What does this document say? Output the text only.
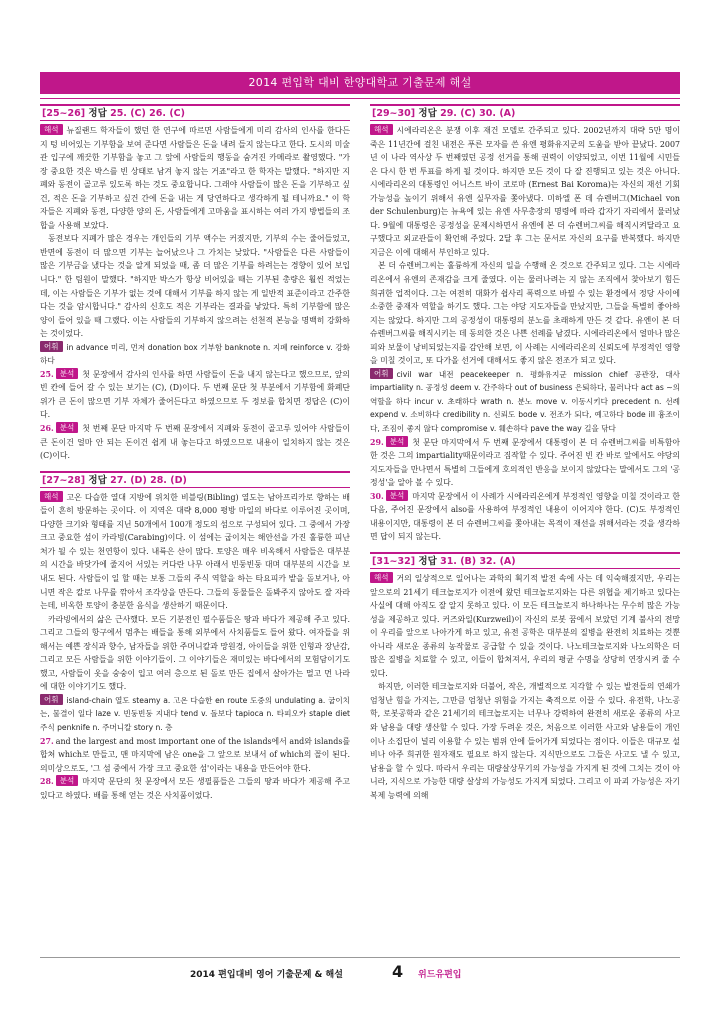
2014 편입학 대비 한양대학교 기출문제 해설
[25~26] 정답 25. (C) 26. (C)

해석 뉴질랜드 학자들이 했던 한 연구에 따르면 사람들에게 미리 감사의 인사를 한다든지 텅 비어있는 기부함을 보여 준다면 사람들은 돈을 내려 들지 않는다고 한다. 도시의 미술관 입구에 깨끗한 기부함을 놓고 그 앞에 사람들의 행동을 숨겨진 카메라로 촬영했다. "가장 중요한 것은 박스를 빈 상태로 남겨 놓지 않는 거죠"라고 한 학자는 말했다. "하지만 지폐와 동전이 골고루 있도록 하는 것도 중요합니다. 그래야 사람들이 많은 돈을 기부하고 싶건, 적은 돈을 기부하고 싶건 간에 돈을 내는 게 당연하다고 생각하게 될 테니까요." 이 학자들은 지폐와 동전, 다양한 양의 돈, 사람들에게 고마움을 표시하는 여러 가지 방법들의 조합을 사용해 보았다.

동전보다 지폐가 많은 경우는 개인들의 기부 액수는 커졌지만, 기부의 수는 줄어들었고, 반면에 동전이 더 많으면 기부는 늘어났으나 그 가치는 낮았다. "사람들은 다른 사람들이 많은 기부금을 냈다는 것을 알게 되었을 때, 좀 더 많은 기부를 하려는는 경향이 있어 보입니다." 한 팀원이 말했다. "하지만 박스가 항상 비어있을 때는 기부된 총량은 훨씬 적었는데, 이는 사람들은 기부가 없는 것에 대해서 기부를 하지 않는 게 일반적 표준이라고 간주한다는 것을 암시합니다." 감사의 신호도 적은 기부라는 결과를 낳았다. 특히 기부함에 많은 양이 들어 있을 때 그랬다. 이는 사람들의 기부하지 않으려는 선천적 본능을 명백히 강화하는 것이었다.

어휘 in advance 미리, 먼저 donation box 기부함 banknote n. 지폐 reinforce v. 강화하다

25. 분석 첫 문장에서 감사의 인사를 하면 사람들이 돈을 내지 않는다고 했으므로, 앞의 빈 칸에 들어 갈 수 있는 보기는 (C), (D)이다. 두 번째 문단 첫 부분에서 기부함에 화폐단위가 큰 돈이 많으면 기부 자체가 줄어든다고 하였으므로 두 정보를 합치면 정답은 (C)이다.

26. 분석 첫 번째 문단 마지막 두 번째 문장에서 지폐와 동전이 골고루 있어야 사람들이 큰 돈이건 얼마 안 되는 돈이건 쉽게 내 놓는다고 하였으므로 내용이 일치하지 않는 것은 (C)이다.

[27~28] 정답 27. (D) 28. (D)

해석 고온 다습한 열대 지방에 위치한 비블링(Bibling) 열도는 남아프리카로 향하는 배들이 흔히 방문하는 곳이다. 이 지역은 대략 8,000 평방 마일의 바다로 이루어진 곳이며, 다양한 크기와 형태를 지닌 50개에서 100개 정도의 섬으로 구성되어 있다. 그 중에서 가장 크고 중요한 섬이 카라빙(Carabing)이다. 이 섬에는 굽이치는 해안선을 가진 훌륭한 피난처가 될 수 있는 천연항이 있다. 내륙은 산이 많다. 토양은 매우 비옥해서 사람들은 대부분의 시간을 바닷가에 줄지어 서있는 커다란 나무 아래서 빈둥빈둥 대며 대부분의 시간을 보내도 된다. 사람들이 일 할 때는 보통 그들의 주식 역할을 하는 타요피카 밭을 돌보거나, 아니면 작은 칼로 나무를 깎아서 조각상을 만든다. 그들의 동물들은 돌봐주지 않아도 잘 자라는데, 비옥한 토양이 충분한 음식을 생산하기 때문이다.

카라빙에서의 삶은 근사했다. 모든 기분전인 필수품들은 땅과 바다가 제공해 주고 있다. 그리고 그들의 항구에서 멈추는 배들을 통해 외부에서 사치품들도 들어 왔다. 여자들을 위해서는 예쁜 장식과 향수, 남자들을 위한 주머니칼과 망원경, 아이들을 위한 인형과 장난감, 그리고 모든 사람들을 위한 이야기들이. 그 이야기들은 재미있는 바다에서의 모험담이기도 했고, 사람들이 옷을 숭숭이 입고 여러 층으로 된 돌로 만든 집에서 살아가는 멀고 먼 나라에 대한 이야기기도 했다.

어휘 island-chain 열도 steamy a. 고온 다습한 en route 도중의 undulating a. 굽이치는, 물결이 일다 laze v. 빈둥빈둥 지내다 tend v. 돌보다 tapioca n. 타피오카 staple diet 주식 penknife n. 주머니칼 story n. 층

27. and the largest and most important one of the islands에서 and와 islands를 합쳐 which로 만들고, 맨 마지막에 남은 one을 그 앞으로 보내서 of which의 꼴이 된다. 의미상으로도, '그 섬 중에서 가장 크고 중요한 섬'이라는 내용을 만든어야 한다.

28. 분석 마지막 문단의 첫 문장에서 모든 생필품들은 그들의 땅과 바다가 제공해 주고 있다고 하였다. 배를 통해 얻는 것은 사치품이었다.

[29~30] 정답 29. (C) 30. (A)

해석 시에라리온은 분쟁 이후 재건 모델로 간주되고 있다. 2002년까지 대략 5만 명이 죽은 11년간에 걸친 내전은 푸른 모자를 쓴 유엔 평화유지군의 도움을 받아 끝났다. 2007년 이 나라 역사상 두 번째였던 공정 선거를 통해 권력이 이양되었고, 이번 11월에 시민들은 다시 한 번 투표를 하게 될 것이다. 하지만 모든 것이 다 잘 진행되고 있는 것은 아니다. 시에라리온의 대통령인 어니스트 바이 코로마 (Ernest Bai Koroma)는 자신의 재선 기회 가능성을 높이기 위해서 유엔 실무자를 쫓아냈다. 미하엘 폰 데 슈렌버그(Michael von der Schulenburg)는 뉴욕에 있는 유엔 사무총장의 명령에 따라 갑자기 자리에서 물러났다. 9월에 대통령은 공정성을 문제시하면서 유엔에 본 더 슈렌버그씨를 해직시켜달라고 요구했다고 외교관들이 확언해 주었다. 2달 후 그는 문서로 자신의 요구를 반복했다. 하지만 지금은 이에 대해서 부인하고 있다.

본 더 슈렌버그씨는 훌륭하게 자신의 일을 수행해 온 것으로 간주되고 있다. 그는 시에라리온에서 유엔의 존재감을 크게 줄였다. 이는 물러나려는 지 않는 조직에서 찾아보기 힘든 희귀한 업적이다. 그는 여전히 대화가 쉽사리 폭력으로 바뀔 수 있는 환경에서 정당 사이에 소중한 중재자 역할을 하기도 했다. 그는 야당 지도자들을 만났지만, 그들을 특별히 좋아하지는 않았다. 하지만 그의 공정성이 대통령의 분노를 초래하게 만든 것 같다. 유엔이 본 더 슈렌버그씨를 해직시키는 데 동의한 것은 나쁜 선례를 남겼다. 시에라리온에서 얼마나 많은 피와 보물이 낭비되었는지를 감안해 보면, 이 사례는 시에라리온의 신뢰도에 부정적인 영향을 미칠 것이고, 또 다가올 선거에 대해서도 좋지 않은 전조가 되고 있다.

어휘 civil war 내전 peacekeeper n. 평화유지군 mission chief 공관장, 대사 impartiality n. 공정성 deem v. 간주하다 out of business 은퇴하다, 물러나다 act as ~의 역할을 하다 incur v. 초래하다 wrath n. 분노 move v. 이동시키다 precedent n. 선례 expend v. 소비하다 credibility n. 신뢰도 bode v. 전조가 되다, 예고하다 bode ill 흉조이다, 조짐이 좋지 않다 compromise v. 훼손하다 pave the way 길을 닦다

29. 분석 첫 문단 마지막에서 두 번째 문장에서 대통령이 본 더 슈렌버그씨를 비특함아 한 것은 그의 impartiality때문이라고 짐작할 수 있다. 주어진 빈 칸 바로 앞에서도 야당의 지도자들을 만나면서 특별히 그들에게 호의적인 반응을 보이지 않았다는 말에서도 그의 '공정성'을 알아 볼 수 있다.

30. 분석 마지막 문장에서 이 사례가 시에라리온에게 부정적인 영향을 미칠 것이라고 한 다음, 주어진 문장에서 also를 사용하여 부정적인 내용이 이어지야 한다. (C)도 부정적인 내용이지만, 대통령이 본 더 슈렌버그씨를 쫓아내는 목적이 재선을 위해서라는 것을 생각하면 답이 되지 않는다.

[31~32] 정답 31. (B) 32. (A)

해석 거의 일상적으로 일어나는 과학의 획기적 발전 속에 사는 데 익숙해졌지만, 우리는 앞으로의 21세기 테크놀로지가 이전에 왔던 테크놀로지와는 다른 위협을 제기하고 있다는 사실에 대해 아직도 잘 알지 못하고 있다. 이 모든 테크놀로지 하나하나는 무수히 많은 가능성을 제공하고 있다. 커즈와일(Kurzweil)이 자신의 로봇 꿈에서 보았던 기계 불사의 전망이 우리를 앞으로 나아가게 하고 있고, 유전 공학은 대부분의 질병을 완전히 치료하는 것뿐 아니라 새로운 종류의 농작물로 공급할 수 있을 것이다. 나노테크놀로지와 나노의학은 더 많은 질병을 치료할 수 있고, 이들이 합쳐져서, 우리의 평균 수명을 상당히 연장시켜 줄 수 있다.

하지만, 이러한 테크놀로지와 더불어, 작은, 개별적으로 지각할 수 있는 발전들의 연쇄가 엄청난 힘을 가지는, 그만큼 엄청난 위험을 가지는 축적으로 이끌 수 있다. 유전학, 나노공학, 로봇공학과 같은 21세기의 테크놀로지는 너무나 강력하여 완전히 새로운 종류의 사고와 남용을 대량 생산할 수 있다. 가장 두려운 것은, 처음으로 이러한 사고와 남용들이 개인이나 소집단이 널리 이용할 수 있는 범위 안에 들어가게 되었다는 점이다. 이들은 대규모 설비나 아주 희귀한 원자재도 필요로 하지 않는다. 지식만으로도 그들은 사고도 낼 수 있고, 남용을 할 수 있다. 따라서 우리는 대량살상무기의 가능성을 가지게 된 것에 그치는 것이 아니라, 지식으로 가능한 대량 살상의 가능성도 가지게 되었다. 그리고 이 파괴 가능성은 자기 복제 능력에 의해

2014 편입대비 영어 기출문제 & 해설	4 위드유편입
